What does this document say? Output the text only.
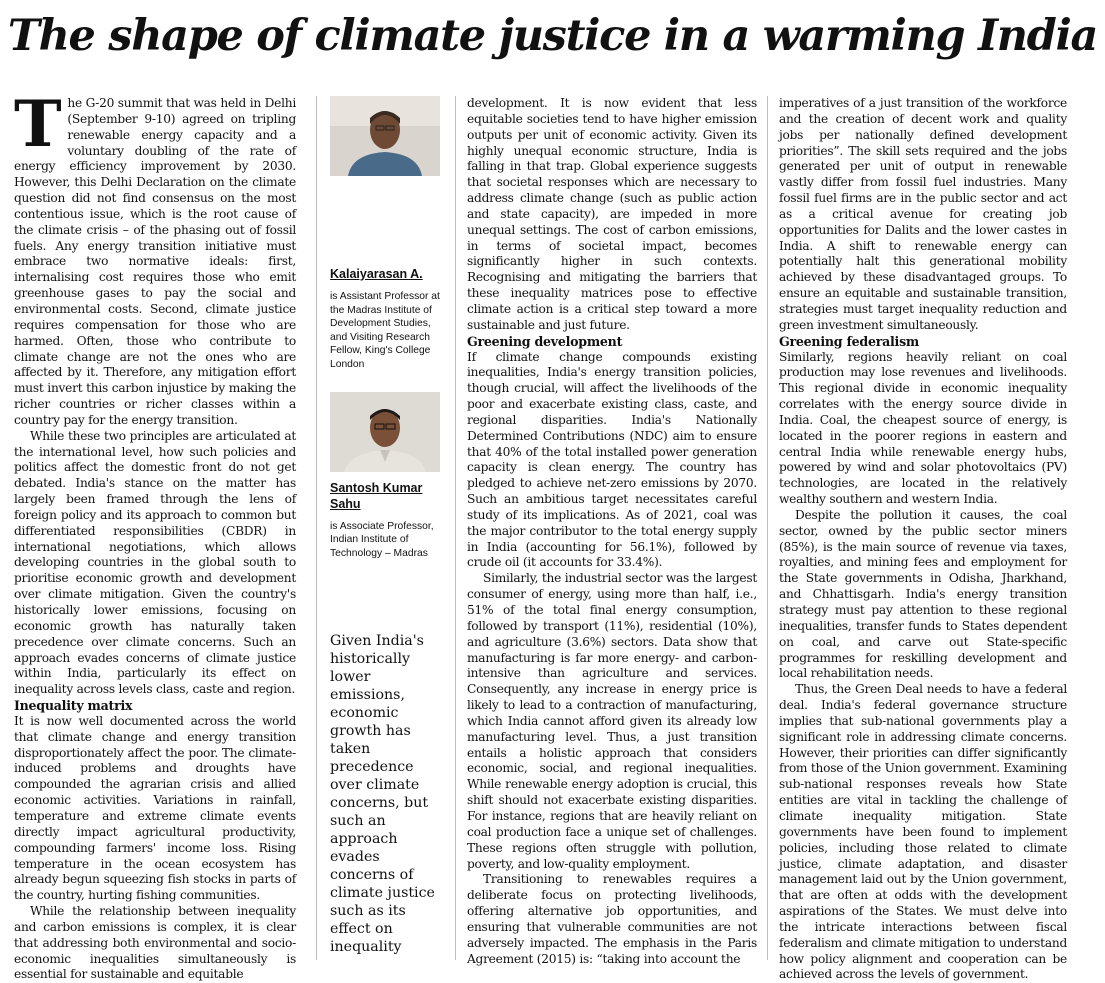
The shape of climate justice in a warming India

The G-20 summit that was held in Delhi (September 9-10) agreed on tripling renewable energy capacity and a voluntary doubling of the rate of energy efficiency improvement by 2030. However, this Delhi Declaration on the climate question did not find consensus on the most contentious issue, which is the root cause of the climate crisis – of the phasing out of fossil fuels. Any energy transition initiative must embrace two normative ideals: first, internalising cost requires those who emit greenhouse gases to pay the social and environmental costs. Second, climate justice requires compensation for those who are harmed. Often, those who contribute to climate change are not the ones who are affected by it. Therefore, any mitigation effort must invert this carbon injustice by making the richer countries or richer classes within a country pay for the energy transition.

While these two principles are articulated at the international level, how such policies and politics affect the domestic front do not get debated. India's stance on the matter has largely been framed through the lens of foreign policy and its approach to common but differentiated responsibilities (CBDR) in international negotiations, which allows developing countries in the global south to prioritise economic growth and development over climate mitigation. Given the country's historically lower emissions, focusing on economic growth has naturally taken precedence over climate concerns. Such an approach evades concerns of climate justice within India, particularly its effect on inequality across levels class, caste and region.

Inequality matrix

It is now well documented across the world that climate change and energy transition disproportionately affect the poor. The climate-induced problems and droughts have compounded the agrarian crisis and allied economic activities. Variations in rainfall, temperature and extreme climate events directly impact agricultural productivity, compounding farmers' income loss. Rising temperature in the ocean ecosystem has already begun squeezing fish stocks in parts of the country, hurting fishing communities.

While the relationship between inequality and carbon emissions is complex, it is clear that addressing both environmental and socio-economic inequalities simultaneously is essential for sustainable and equitable

Kalaiyarasan A.
is Assistant Professor at the Madras Institute of Development Studies, and Visiting Research Fellow, King's College London
Santosh Kumar Sahu
is Associate Professor, Indian Institute of Technology – Madras
Given India's historically lower emissions, economic growth has taken precedence over climate concerns, but such an approach evades concerns of climate justice such as its effect on inequality

development. It is now evident that less equitable societies tend to have higher emission outputs per unit of economic activity. Given its highly unequal economic structure, India is falling in that trap. Global experience suggests that societal responses which are necessary to address climate change (such as public action and state capacity), are impeded in more unequal settings. The cost of carbon emissions, in terms of societal impact, becomes significantly higher in such contexts. Recognising and mitigating the barriers that these inequality matrices pose to effective climate action is a critical step toward a more sustainable and just future.

Greening development

If climate change compounds existing inequalities, India's energy transition policies, though crucial, will affect the livelihoods of the poor and exacerbate existing class, caste, and regional disparities. India's Nationally Determined Contributions (NDC) aim to ensure that 40% of the total installed power generation capacity is clean energy. The country has pledged to achieve net-zero emissions by 2070. Such an ambitious target necessitates careful study of its implications. As of 2021, coal was the major contributor to the total energy supply in India (accounting for 56.1%), followed by crude oil (it accounts for 33.4%).

Similarly, the industrial sector was the largest consumer of energy, using more than half, i.e., 51% of the total final energy consumption, followed by transport (11%), residential (10%), and agriculture (3.6%) sectors. Data show that manufacturing is far more energy- and carbon-intensive than agriculture and services. Consequently, any increase in energy price is likely to lead to a contraction of manufacturing, which India cannot afford given its already low manufacturing level. Thus, a just transition entails a holistic approach that considers economic, social, and regional inequalities. While renewable energy adoption is crucial, this shift should not exacerbate existing disparities. For instance, regions that are heavily reliant on coal production face a unique set of challenges. These regions often struggle with pollution, poverty, and low-quality employment.

Transitioning to renewables requires a deliberate focus on protecting livelihoods, offering alternative job opportunities, and ensuring that vulnerable communities are not adversely impacted. The emphasis in the Paris Agreement (2015) is: “taking into account the

imperatives of a just transition of the workforce and the creation of decent work and quality jobs per nationally defined development priorities”. The skill sets required and the jobs generated per unit of output in renewable vastly differ from fossil fuel industries. Many fossil fuel firms are in the public sector and act as a critical avenue for creating job opportunities for Dalits and the lower castes in India. A shift to renewable energy can potentially halt this generational mobility achieved by these disadvantaged groups. To ensure an equitable and sustainable transition, strategies must target inequality reduction and green investment simultaneously.

Greening federalism

Similarly, regions heavily reliant on coal production may lose revenues and livelihoods. This regional divide in economic inequality correlates with the energy source divide in India. Coal, the cheapest source of energy, is located in the poorer regions in eastern and central India while renewable energy hubs, powered by wind and solar photovoltaics (PV) technologies, are located in the relatively wealthy southern and western India.

Despite the pollution it causes, the coal sector, owned by the public sector miners (85%), is the main source of revenue via taxes, royalties, and mining fees and employment for the State governments in Odisha, Jharkhand, and Chhattisgarh. India's energy transition strategy must pay attention to these regional inequalities, transfer funds to States dependent on coal, and carve out State-specific programmes for reskilling development and local rehabilitation needs.

Thus, the Green Deal needs to have a federal deal. India's federal governance structure implies that sub-national governments play a significant role in addressing climate concerns. However, their priorities can differ significantly from those of the Union government. Examining sub-national responses reveals how State entities are vital in tackling the challenge of climate inequality mitigation. State governments have been found to implement policies, including those related to climate justice, climate adaptation, and disaster management laid out by the Union government, that are often at odds with the development aspirations of the States. We must delve into the intricate interactions between fiscal federalism and climate mitigation to understand how policy alignment and cooperation can be achieved across the levels of government.
